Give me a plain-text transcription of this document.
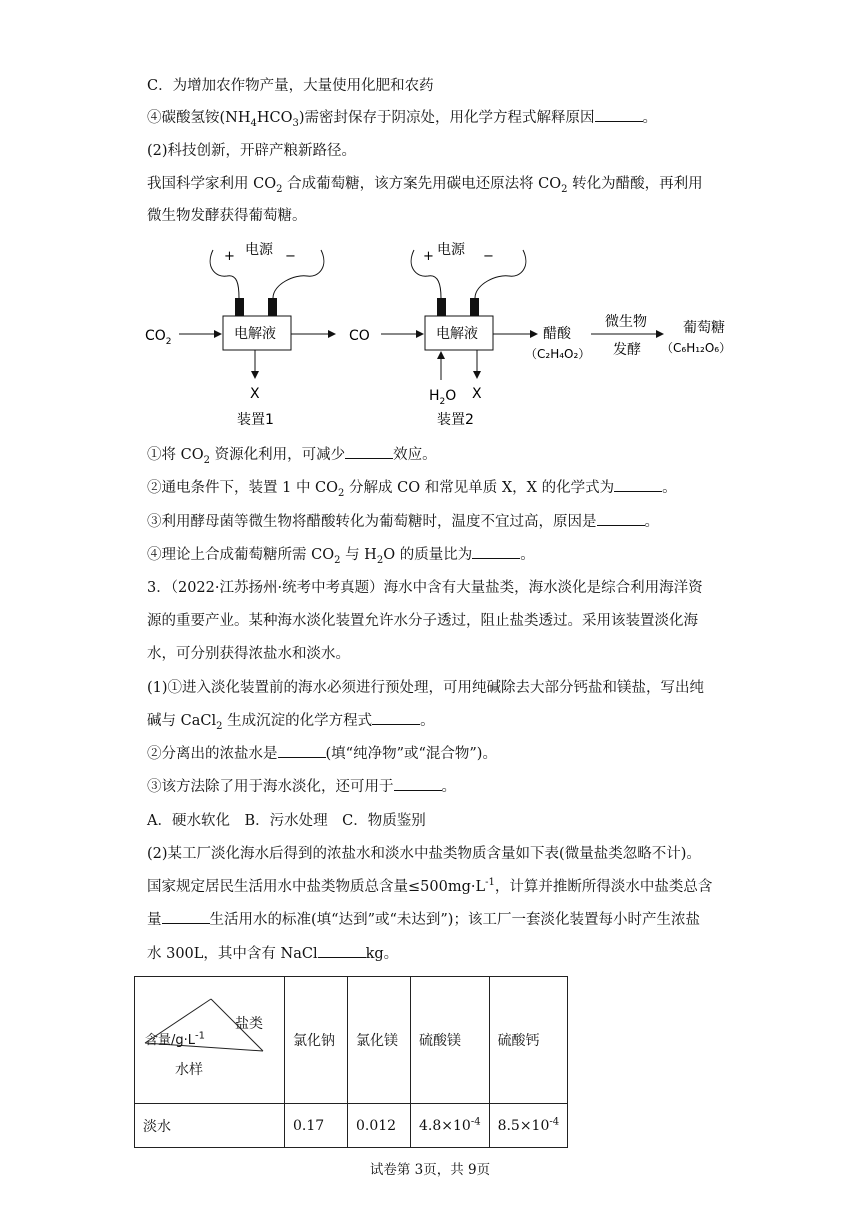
C．为增加农作物产量，大量使用化肥和农药
④碳酸氢铵$(NH_4HCO_3)$需密封保存于阴凉处，用化学方程式解释原因	。
(2)科技创新，开辟产粮新路径。
我国科学家利用 $CO_2$ 合成葡萄糖，该方案先用碳电还原法将 $CO_2$ 转化为醋酸，再利用
微生物发酵获得葡萄糖。
电源
+	−
电解液
$CO_2$
X
装置1
CO
电源
+	−
电解液
$H_2O$ X
装置2
醋酸
（C₂H₄O₂）
微生物
发酵
葡萄糖
（C₆H₁₂O₆）
①将 $CO_2$ 资源化利用，可减少	效应。
②通电条件下，装置 1 中 $CO_2$ 分解成 CO 和常见单质 X，X 的化学式为	。
③利用酵母菌等微生物将醋酸转化为葡萄糖时，温度不宜过高，原因是	。
④理论上合成葡萄糖所需 $CO_2$ 与 $H_2O$ 的质量比为	。
3．（2022·江苏扬州·统考中考真题）海水中含有大量盐类，海水淡化是综合利用海洋资
源的重要产业。某种海水淡化装置允许水分子透过，阻止盐类透过。采用该装置淡化海
水，可分别获得浓盐水和淡水。
(1)①进入淡化装置前的海水必须进行预处理，可用纯碱除去大部分钙盐和镁盐，写出纯
碱与 CaCl$_2$ 生成沉淀的化学方程式	。
②分离出的浓盐水是	(填“纯净物”或“混合物”)。
③该方法除了用于海水淡化，还可用于	。
A．硬水软化　B．污水处理　C．物质鉴别
(2)某工厂淡化海水后得到的浓盐水和淡水中盐类物质含量如下表(微量盐类忽略不计)。
国家规定居民生活用水中盐类物质总含量$\le 500mg\cdot L^{-1}$，计算并推断所得淡水中盐类总含
量	生活用水的标准(填“达到”或“未达到”)；该工厂一套淡化装置每小时产生浓盐
水 300L，其中含有 NaCl	kg。
盐类
含量$/g\cdot L^{-1}$
水样	氯化钠	氯化镁	硫酸镁	硫酸钙
淡水	0.17	0.012	$4.8\times 10^{-4}$	$8.5\times 10^{-4}$
试卷第 3页，共 9页
